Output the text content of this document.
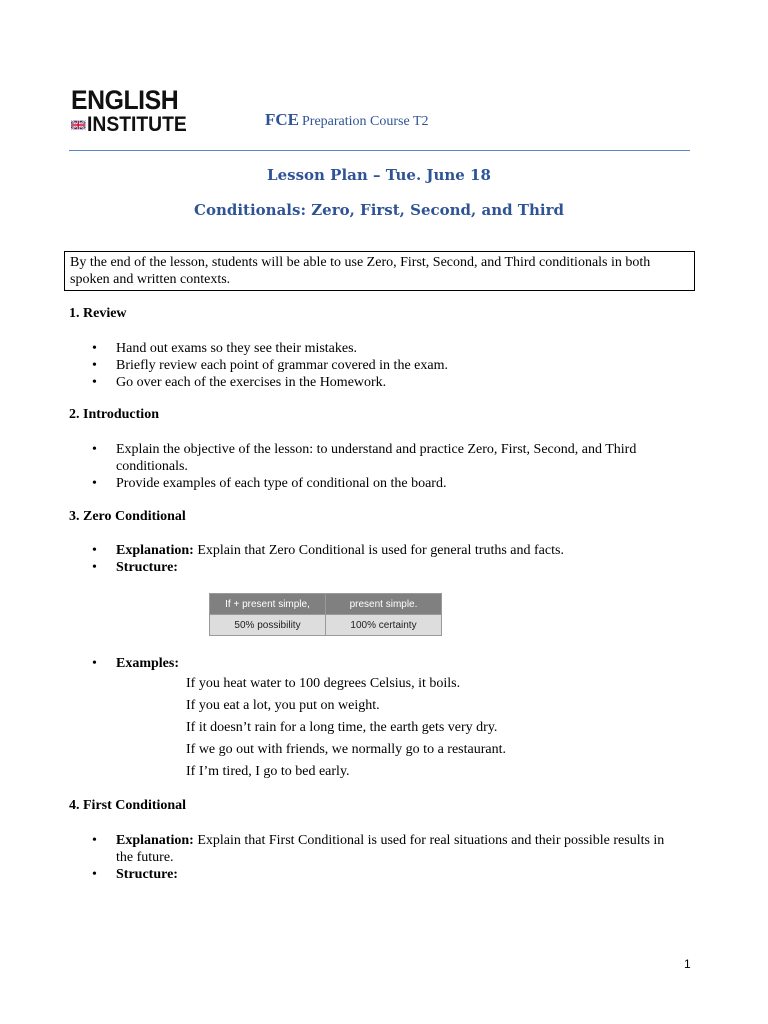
ENGLISH
INSTITUTE	FCE Preparation Course T2
Lesson Plan – Tue. June 18
Conditionals: Zero, First, Second, and Third
By the end of the lesson, students will be able to use Zero, First, Second, and Third conditionals in both spoken and written contexts.
1. Review
• Hand out exams so they see their mistakes.
• Briefly review each point of grammar covered in the exam.
• Go over each of the exercises in the Homework.
2. Introduction
• Explain the objective of the lesson: to understand and practice Zero, First, Second, and Third conditionals.
• Provide examples of each type of conditional on the board.
3. Zero Conditional
• Explanation: Explain that Zero Conditional is used for general truths and facts.
• Structure:
If + present simple,	present simple.
50% possibility	100% certainty
• Examples:
If you heat water to 100 degrees Celsius, it boils.
If you eat a lot, you put on weight.
If it doesn’t rain for a long time, the earth gets very dry.
If we go out with friends, we normally go to a restaurant.
If I’m tired, I go to bed early.
4. First Conditional
• Explanation: Explain that First Conditional is used for real situations and their possible results in the future.
• Structure:
1
